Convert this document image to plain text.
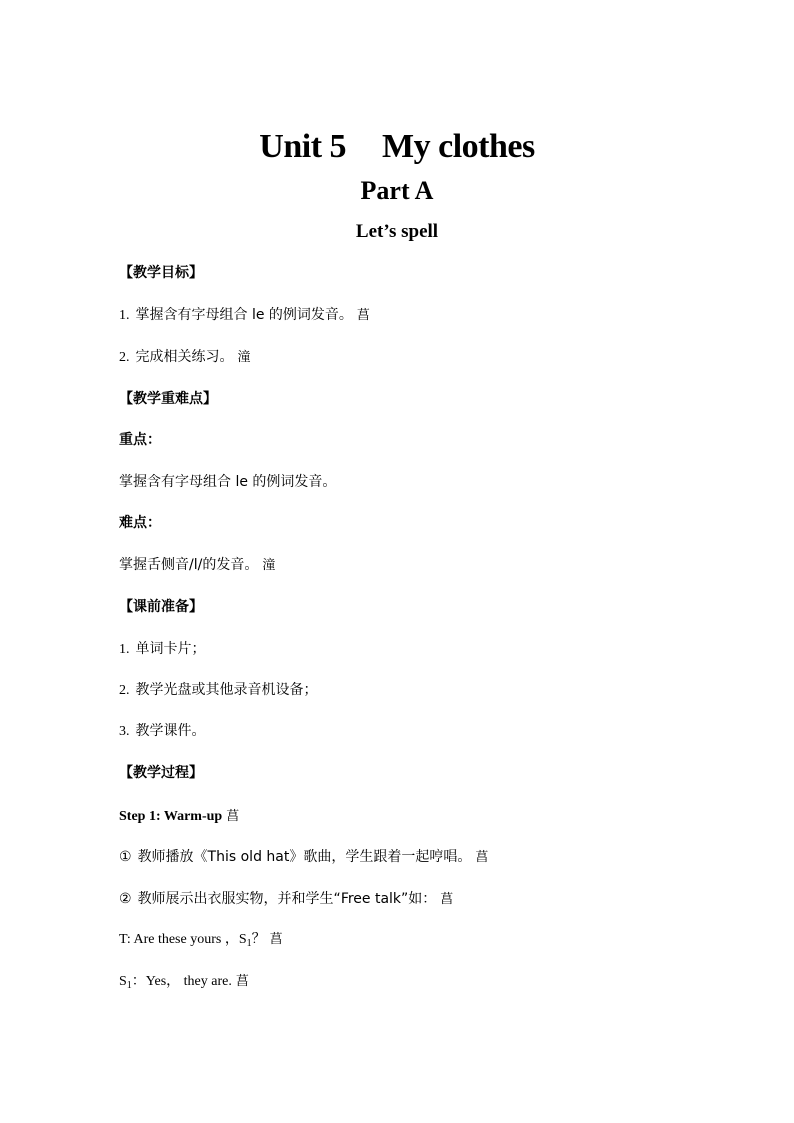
Unit 5 My clothes
Part A
Let’s spell
【教学目标】
1. 掌握含有字母组合 le 的例词发音。 菖
2. 完成相关练习。 潼
【教学重难点】
重点：
掌握含有字母组合 le 的例词发音。
难点：
掌握舌侧音/l/的发音。 潼
【课前准备】
1. 单词卡片；
2. 教学光盘或其他录音机设备；
3. 教学课件。
【教学过程】
Step 1: Warm-up 菖
① 教师播放《This old hat》歌曲，学生跟着一起哼唱。 菖
② 教师展示出衣服实物，并和学生“Free talk”如： 菖
T: Are these yours ，$S_1$？ 菖
$S_1$：Yes， they are. 菖
